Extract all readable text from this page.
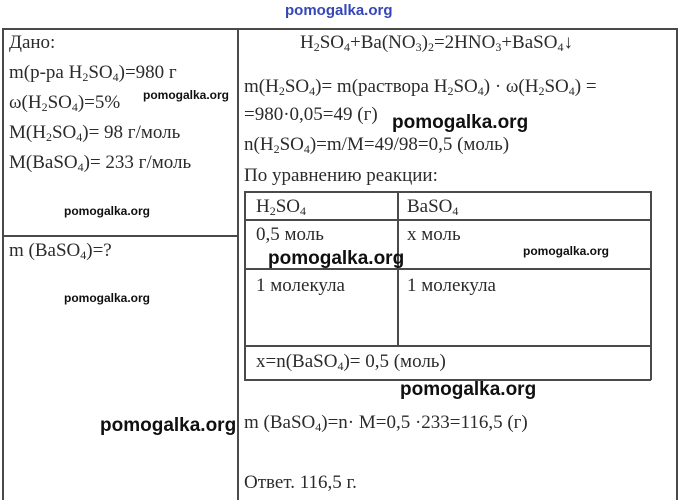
pomogalka.org
Дано:
m(р-ра $H_2SO_4)=980$ г
$\omega(H_2SO_4)=5\%$
$M(H_2SO_4)= 98$ г/моль
M(BaSO$_4$)= 233 г/моль
m (BaSO$_4$)=?
$H_2SO_4+Ba(NO_3)_2=2HNO_3+BaSO_4↓$
$m(H_2SO_4)=$ m(раствора $H_2SO_4) \cdot \omega(H_2SO_4)$ =
=980·0,05=49 (г)
$n(H_2SO_4)=m/M=49/98=0,5$ (моль)
По уравнению реакции:
$H_2SO_4$	BaSO$_4$
0,5 моль	x моль
1 молекула	1 молекула
x=n(BaSO$_4$)= 0,5 (моль)
m (BaSO$_4$)=n· M=0,5 ·233=116,5 (г)
Ответ. 116,5 г.
pomogalka.org
pomogalka.org
pomogalka.org
pomogalka.org
pomogalka.org
pomogalka.org
pomogalka.org
pomogalka.org
